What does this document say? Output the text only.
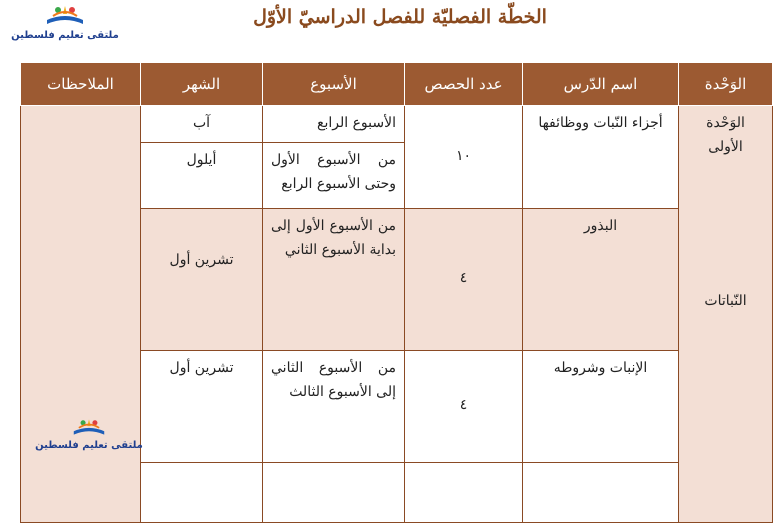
ملتقى تعليم فلسطين
الخطّة الفصليّة للفصل الدراسيّ الأوّل
الوَحْدة	اسم الدّرس	عدد الحصص	الأسبوع	الشهر	الملاحظات

الوَحْدة الأولى
النّباتات	أجزاء النّبات ووظائفها	١٠	الأسبوع الرابع	آب	
			من الأسبوع الأول وحتى الأسبوع الرابع	أيلول	
	البذور	٤	من الأسبوع الأول إلى بداية الأسبوع الثاني	تشرين أول	

	الإنبات وشروطه	٤	من الأسبوع الثاني إلى الأسبوع الثالث	تشرين أول	

ملتقى تعليم فلسطين
